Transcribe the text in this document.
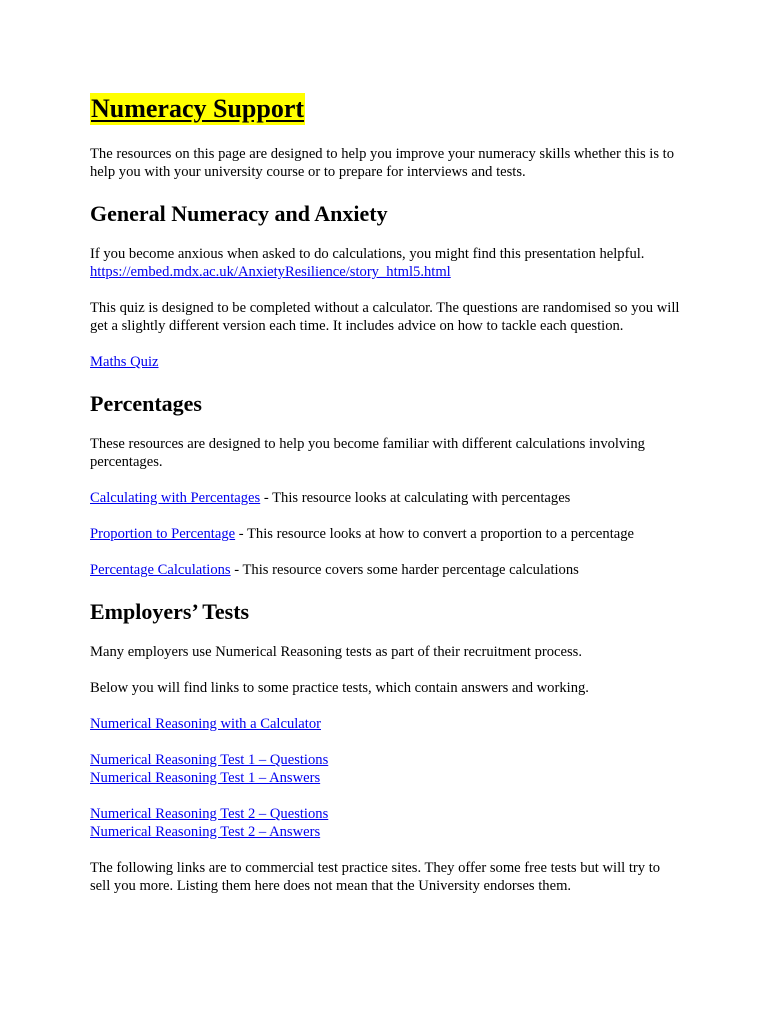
Numeracy Support

The resources on this page are designed to help you improve your numeracy skills whether this is to help you with your university course or to prepare for interviews and tests.

General Numeracy and Anxiety

If you become anxious when asked to do calculations, you might find this presentation helpful.
https://embed.mdx.ac.uk/AnxietyResilience/story_html5.html

This quiz is designed to be completed without a calculator. The questions are randomised so you will get a slightly different version each time. It includes advice on how to tackle each question.

Maths Quiz

Percentages

These resources are designed to help you become familiar with different calculations involving percentages.

Calculating with Percentages - This resource looks at calculating with percentages

Proportion to Percentage - This resource looks at how to convert a proportion to a percentage

Percentage Calculations - This resource covers some harder percentage calculations

Employers’ Tests

Many employers use Numerical Reasoning tests as part of their recruitment process.

Below you will find links to some practice tests, which contain answers and working.

Numerical Reasoning with a Calculator

Numerical Reasoning Test 1 – Questions
Numerical Reasoning Test 1 – Answers

Numerical Reasoning Test 2 – Questions
Numerical Reasoning Test 2 – Answers

The following links are to commercial test practice sites. They offer some free tests but will try to sell you more. Listing them here does not mean that the University endorses them.
